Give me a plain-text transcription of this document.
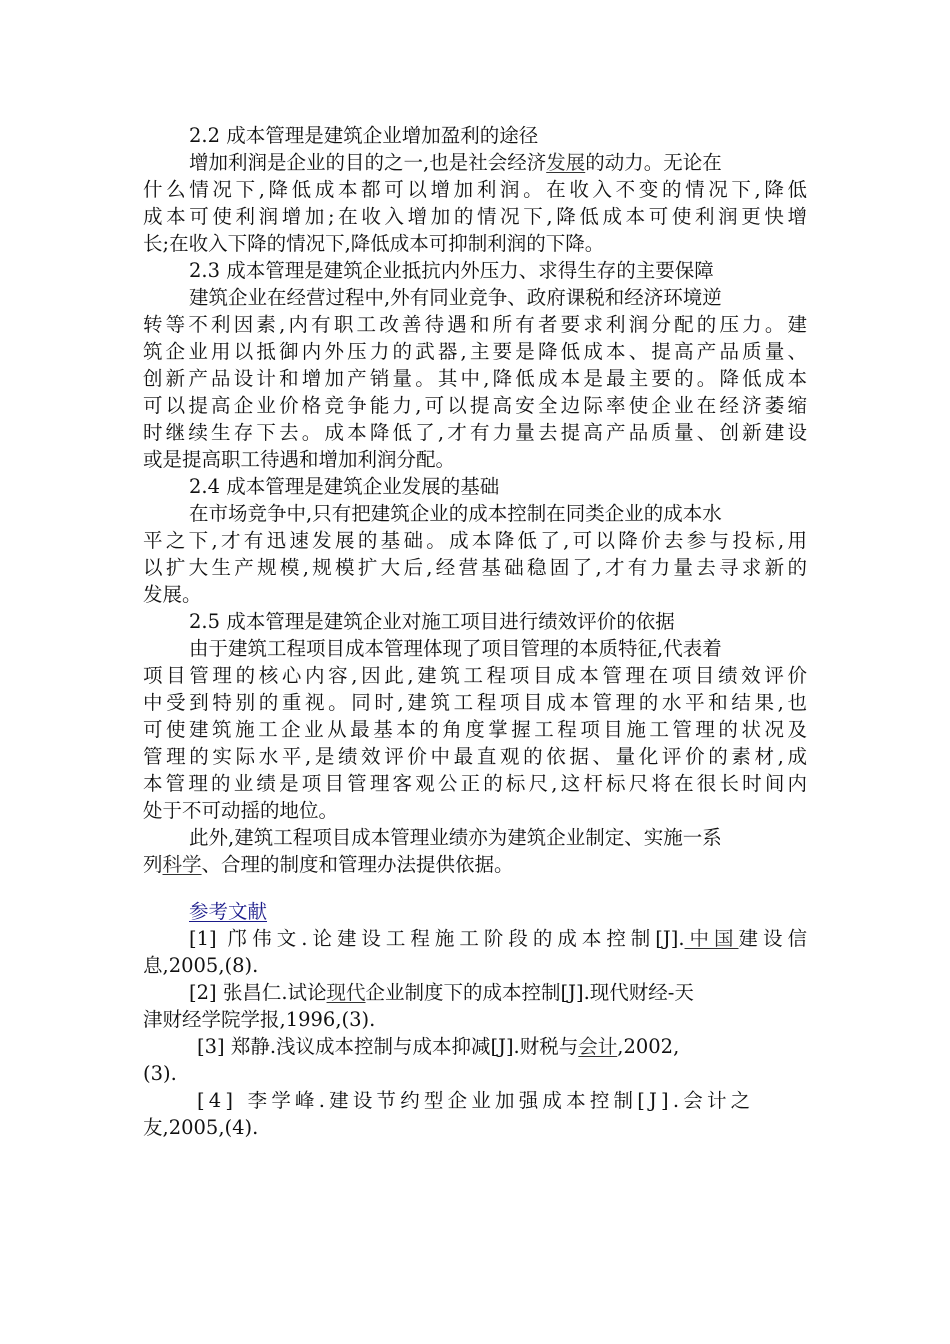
2.2 成本管理是建筑企业增加盈利的途径
增加利润是企业的目的之一,也是社会经济发展的动力。无论在
什么情况下,降低成本都可以增加利润。在收入不变的情况下,降低
成本可使利润增加;在收入增加的情况下,降低成本可使利润更快增
长;在收入下降的情况下,降低成本可抑制利润的下降。
2.3 成本管理是建筑企业抵抗内外压力、求得生存的主要保障
建筑企业在经营过程中,外有同业竞争、政府课税和经济环境逆
转等不利因素,内有职工改善待遇和所有者要求利润分配的压力。建
筑企业用以抵御内外压力的武器,主要是降低成本、提高产品质量、
创新产品设计和增加产销量。其中,降低成本是最主要的。降低成本
可以提高企业价格竞争能力,可以提高安全边际率使企业在经济萎缩
时继续生存下去。成本降低了,才有力量去提高产品质量、创新建设
或是提高职工待遇和增加利润分配。
2.4 成本管理是建筑企业发展的基础
在市场竞争中,只有把建筑企业的成本控制在同类企业的成本水
平之下,才有迅速发展的基础。成本降低了,可以降价去参与投标,用
以扩大生产规模,规模扩大后,经营基础稳固了,才有力量去寻求新的
发展。
2.5 成本管理是建筑企业对施工项目进行绩效评价的依据
由于建筑工程项目成本管理体现了项目管理的本质特征,代表着
项目管理的核心内容,因此,建筑工程项目成本管理在项目绩效评价
中受到特别的重视。同时,建筑工程项目成本管理的水平和结果,也
可使建筑施工企业从最基本的角度掌握工程项目施工管理的状况及
管理的实际水平,是绩效评价中最直观的依据、量化评价的素材,成
本管理的业绩是项目管理客观公正的标尺,这杆标尺将在很长时间内
处于不可动摇的地位。
此外,建筑工程项目成本管理业绩亦为建筑企业制定、实施一系
列科学、合理的制度和管理办法提供依据。
参考文献
[1] 邝伟文.论建设工程施工阶段的成本控制[J].中国建设信
息,2005,(8).
[2] 张昌仁.试论现代企业制度下的成本控制[J].现代财经-天
津财经学院学报,1996,(3).
[3] 郑静.浅议成本控制与成本抑减[J].财税与会计,2002,
(3).
[4] 李学峰.建设节约型企业加强成本控制[J].会计之
友,2005,(4).
